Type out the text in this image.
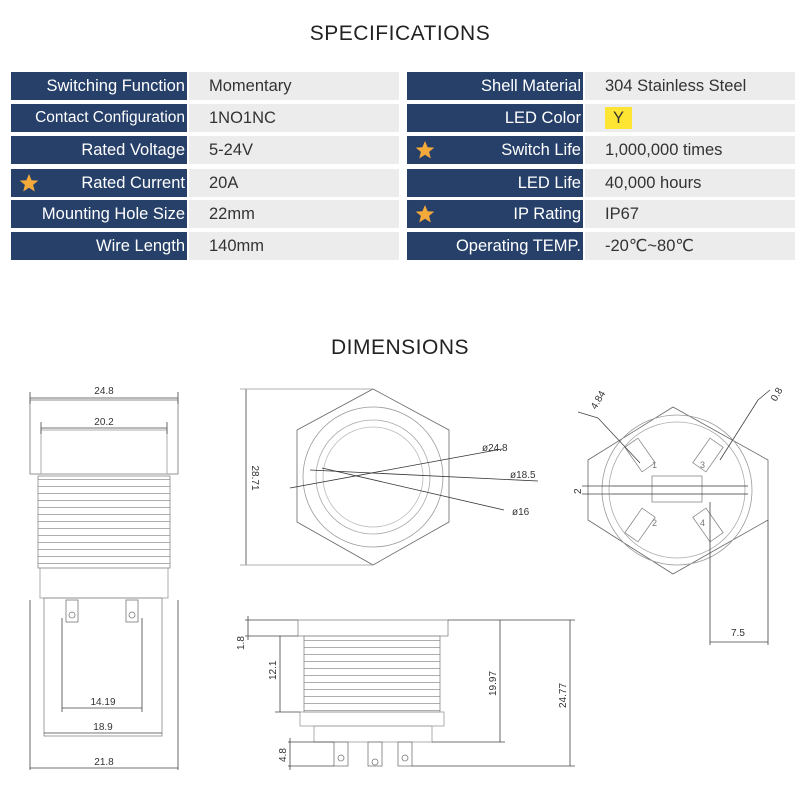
SPECIFICATIONS
Switching Function	Momentary
Contact Configuration	1NO1NC
Rated Voltage	5-24V
Rated Current	20A
Mounting Hole Size	22mm
Wire Length	140mm
Shell Material	304 Stainless Steel
LED Color	Y
Switch Life	1,000,000 times
LED Life	40,000 hours
IP Rating	IP67
Operating TEMP.	-20℃~80℃
DIMENSIONS
24.8
20.2
14.19
18.9
21.8
28.71
ø24.8
ø18.5
ø16
4.84	0.8
2
7.5
1	3
2	4
1.8
12.1
19.97	24.77
4.8
